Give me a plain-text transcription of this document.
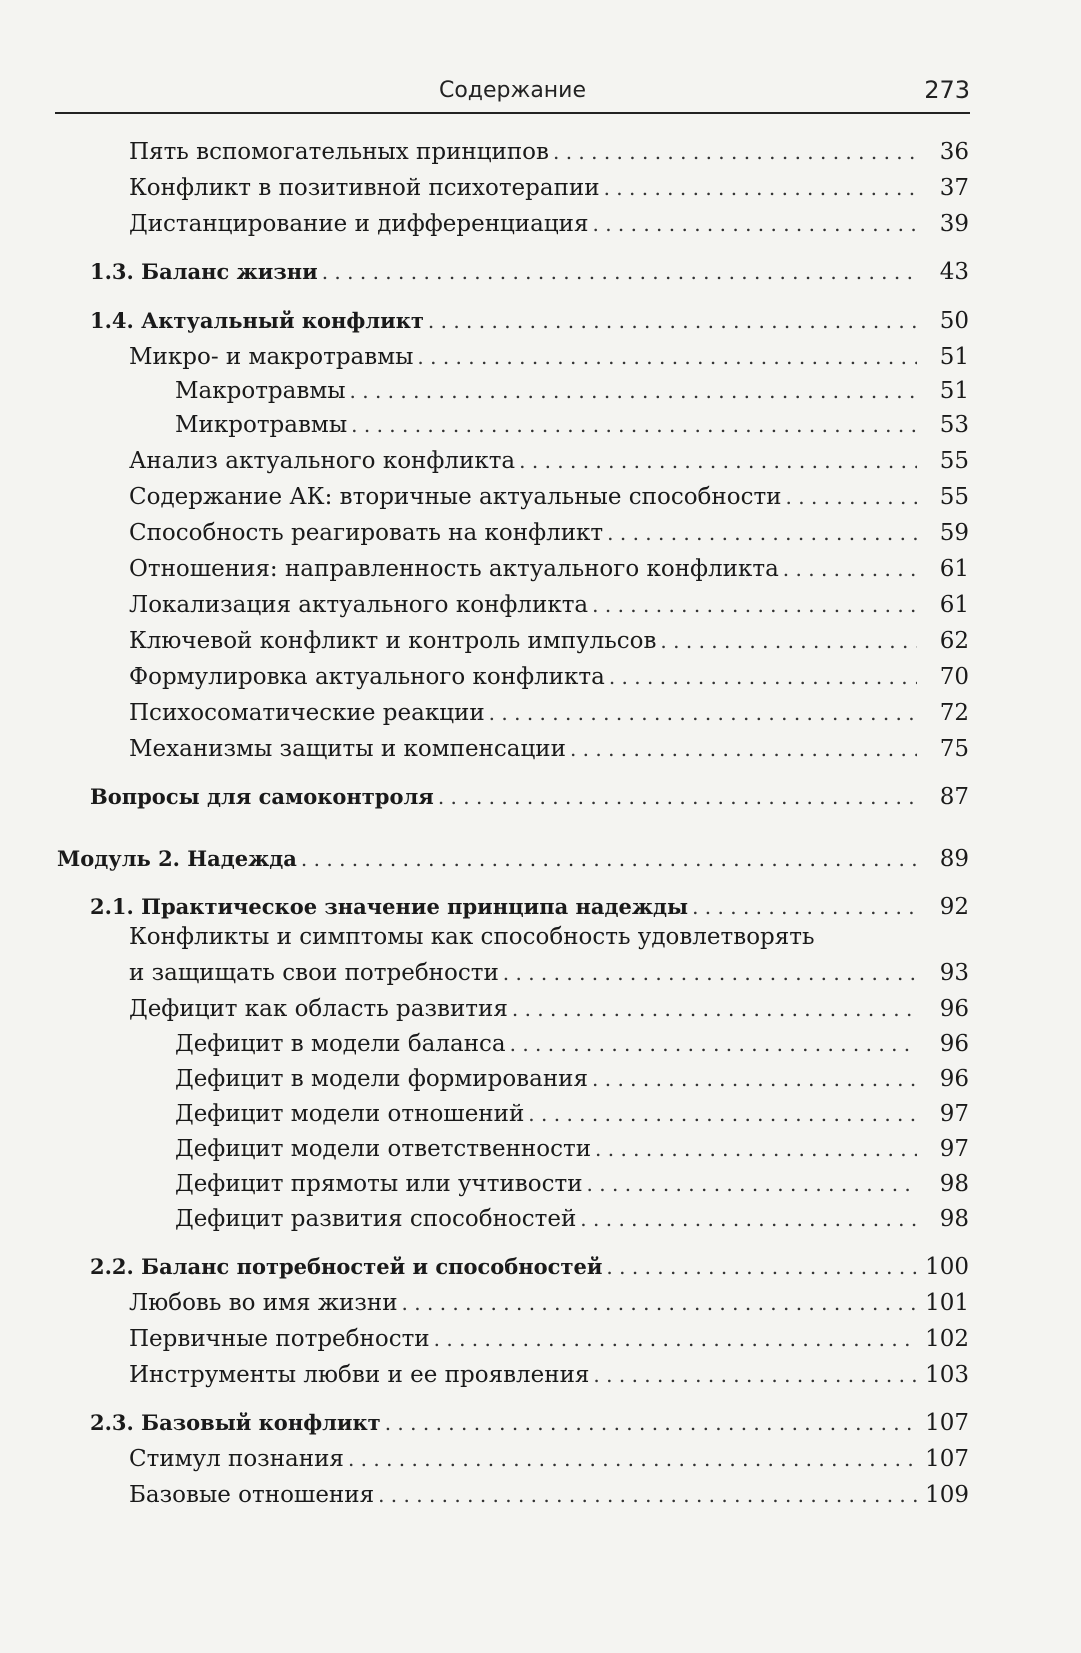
Содержание	273
Пять вспомогательных принципов . . .	36
Конфликт в позитивной психотерапии . . .	37
Дистанцирование и дифференциация . . .	39
1.3. Баланс жизни . . .	43
1.4. Актуальный конфликт . . .	50
Микро- и макротравмы . . .	51
Макротравмы . . .	51
Микротравмы . . .	53
Анализ актуального конфликта . . .	55
Содержание АК: вторичные актуальные способности . . .	55
Способность реагировать на конфликт . . .	59
Отношения: направленность актуального конфликта . . .	61
Локализация актуального конфликта . . .	61
Ключевой конфликт и контроль импульсов . . .	62
Формулировка актуального конфликта . . .	70
Психосоматические реакции . . .	72
Механизмы защиты и компенсации . . .	75
Вопросы для самоконтроля . . .	87
Модуль 2. Надежда . . .	89
2.1. Практическое значение принципа надежды . . .	92
Конфликты и симптомы как способность удовлетворять
и защищать свои потребности . . .	93
Дефицит как область развития . . .	96
Дефицит в модели баланса . . .	96
Дефицит в модели формирования . . .	96
Дефицит модели отношений . . .	97
Дефицит модели ответственности . . .	97
Дефицит прямоты или учтивости . . .	98
Дефицит развития способностей . . .	98
2.2. Баланс потребностей и способностей . . .	100
Любовь во имя жизни . . .	101
Первичные потребности . . .	102
Инструменты любви и ее проявления . . .	103
2.3. Базовый конфликт . . .	107
Стимул познания . . .	107
Базовые отношения . . .	109
